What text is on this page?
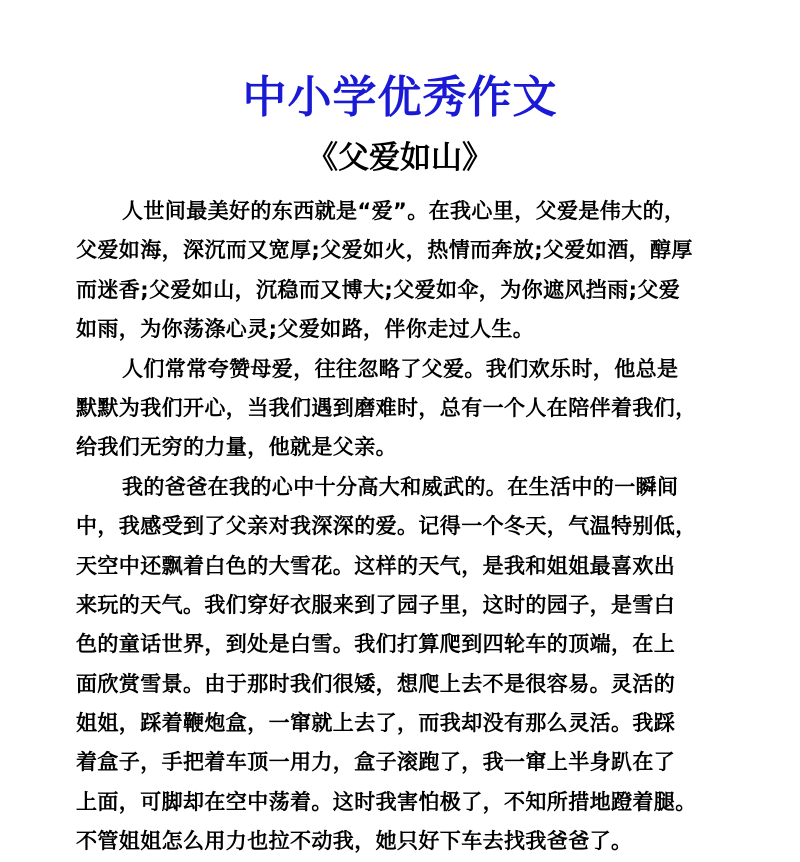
中小学优秀作文
《父爱如山》
人世间最美好的东西就是“爱”。在我心里，父爱是伟大的，
父爱如海，深沉而又宽厚;父爱如火，热情而奔放;父爱如酒，醇厚
而迷香;父爱如山，沉稳而又博大;父爱如伞，为你遮风挡雨;父爱
如雨，为你荡涤心灵;父爱如路，伴你走过人生。
人们常常夸赞母爱，往往忽略了父爱。我们欢乐时，他总是
默默为我们开心，当我们遇到磨难时，总有一个人在陪伴着我们，
给我们无穷的力量，他就是父亲。
我的爸爸在我的心中十分高大和威武的。在生活中的一瞬间
中，我感受到了父亲对我深深的爱。记得一个冬天，气温特别低，
天空中还飘着白色的大雪花。这样的天气，是我和姐姐最喜欢出
来玩的天气。我们穿好衣服来到了园子里，这时的园子，是雪白
色的童话世界，到处是白雪。我们打算爬到四轮车的顶端，在上
面欣赏雪景。由于那时我们很矮，想爬上去不是很容易。灵活的
姐姐，踩着鞭炮盒，一窜就上去了，而我却没有那么灵活。我踩
着盒子，手把着车顶一用力，盒子滚跑了，我一窜上半身趴在了
上面，可脚却在空中荡着。这时我害怕极了，不知所措地蹬着腿。
不管姐姐怎么用力也拉不动我，她只好下车去找我爸爸了。
